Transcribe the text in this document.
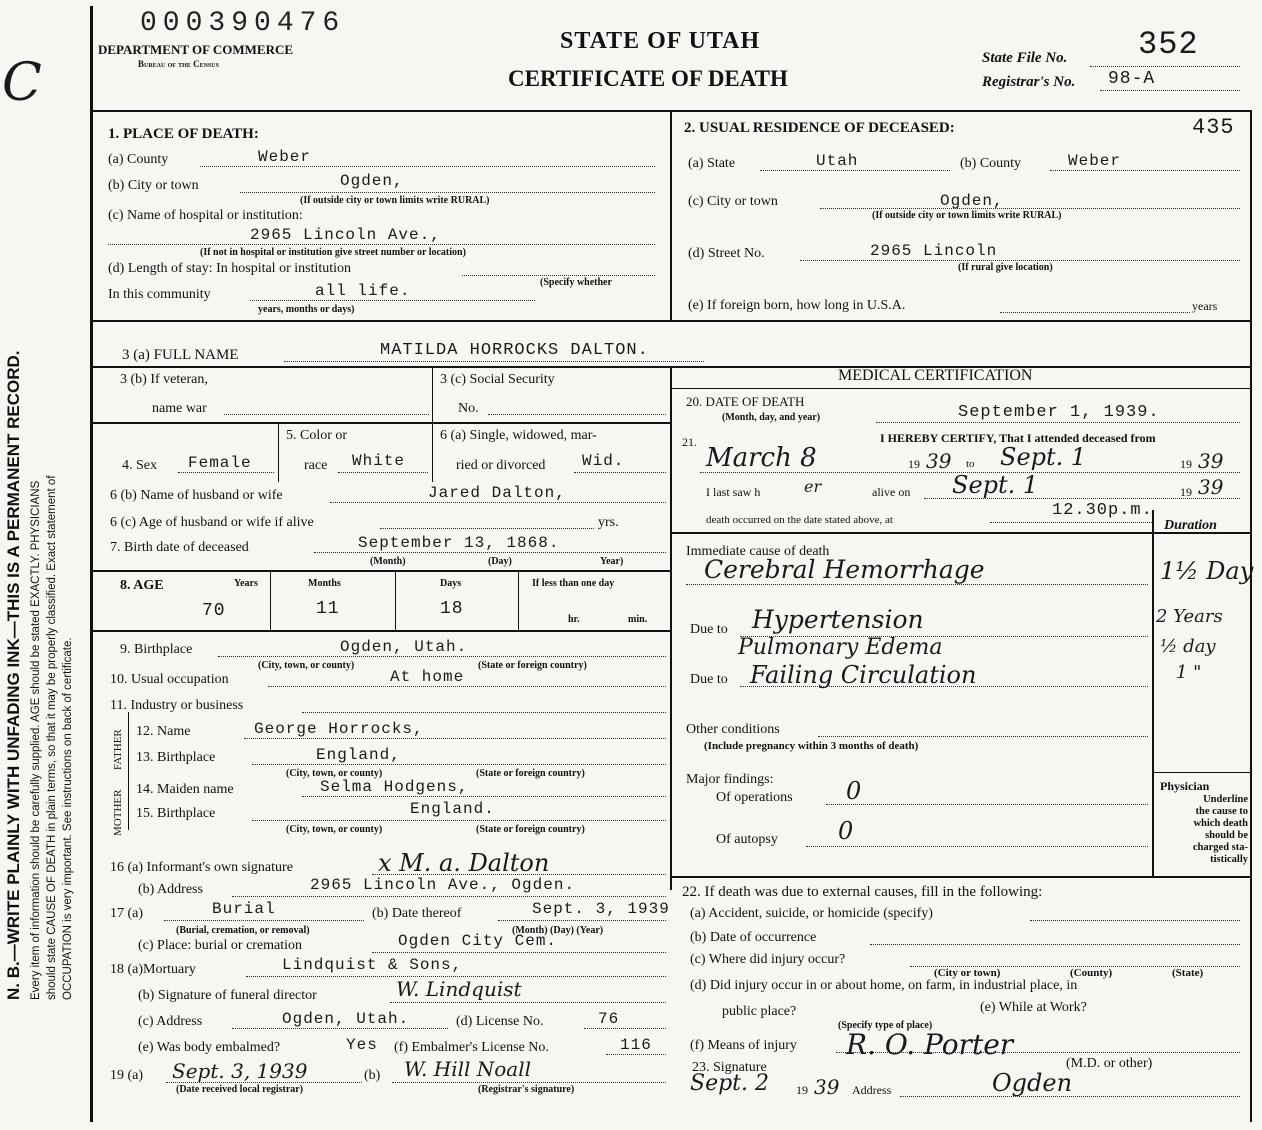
C
N. B.—WRITE PLAINLY WITH UNFADING INK—THIS IS A PERMANENT RECORD. Every item of information should be carefully supplied. AGE should be stated EXACTLY. PHYSICIANS should state CAUSE OF DEATH in plain terms, so that it may be properly classified. Exact statement of OCCUPATION is very important. See instructions on back of certificate.
000390476
DEPARTMENT OF COMMERCE
Bureau of the Census
STATE OF UTAH
CERTIFICATE OF DEATH
State File No. 352
Registrar's No. 98-A
1. PLACE OF DEATH:
(a) County	Weber
(b) City or town	Ogden,
(If outside city or town limits write RURAL)
(c) Name of hospital or institution:
2965 Lincoln Ave.,
(If not in hospital or institution give street number or location)
(d) Length of stay: In hospital or institution
In this community	all life.	(Specify whether
years, months or days)
2. USUAL RESIDENCE OF DECEASED:	435
(a) State	Utah	(b) County	Weber
(c) City or town	Ogden,
(If outside city or town limits write RURAL)
(d) Street No.	2965 Lincoln
(If rural give location)
(e) If foreign born, how long in U.S.A.	years
3 (a) FULL NAME	MATILDA HORROCKS DALTON.
3 (b) If veteran,
name war
3 (c) Social Security
No.
4. Sex Female
5. Color or
race White
6 (a) Single, widowed, mar-
ried or divorced Wid.
6 (b) Name of husband or wife	Jared Dalton,
6 (c) Age of husband or wife if alive	yrs.
7. Birth date of deceased	September 13, 1868.
(Month)	(Day)	Year)
8. AGE	Years	Months	Days	If less than one day
70	11	18
hr.	min.
9. Birthplace	Ogden, Utah.
(City, town, or county)	(State or foreign country)
10. Usual occupation	At home
11. Industry or business
FATHER
MOTHER
12. Name	George Horrocks,
13. Birthplace	England,
(City, town, or county)	(State or foreign country)
14. Maiden name	Selma Hodgens,
15. Birthplace	England.
(City, town, or county)	(State or foreign country)
16 (a) Informant's own signature	x M. a. Dalton
(b) Address	2965 Lincoln Ave., Ogden.
17 (a)	Burial
(Burial, cremation, or removal)
(b) Date thereof	Sept. 3, 1939
(Month) (Day) (Year)
(c) Place: burial or cremation	Ogden City Cem.
18 (a)Mortuary	Lindquist & Sons,
(b) Signature of funeral director	W. Lindquist
(c) Address	Ogden, Utah.	(d) License No.	76
(e) Was body embalmed?	Yes (f) Embalmer's License No.	116
19 (a) Sept. 3, 1939
(Date received local registrar)
(b) W. Hill Noall
(Registrar's signature)
MEDICAL CERTIFICATION
20. DATE OF DEATH
(Month, day, and year)	September 1, 1939.
21.	I HEREBY CERTIFY, That I attended deceased from
March 8	19 39 to Sept. 1	19 39
I last saw h	er	alive on Sept. 1	19 39
death occurred on the date stated above, at	12.30p.m.
Duration
Immediate cause of death
Cerebral Hemorrhage	1½ Day
Due to Hypertension	2 Years
Pulmonary Edema	½ day
Due to Failing Circulation	1 "
Other conditions
(Include pregnancy within 3 months of death)
Major findings:
Of operations 0
Of autopsy	0
Physician
Underline
the cause to
which death
should be
charged sta-
tistically
22. If death was due to external causes, fill in the following:
(a) Accident, suicide, or homicide (specify)
(b) Date of occurrence
(c) Where did injury occur?
(City or town)	(County)	(State)
(d) Did injury occur in or about home, on farm, in industrial place, in
public place?
(Specify type of place)
(e) While at Work?
(f) Means of injury
23. Signature
R. O. Porter
(M.D. or other)
Sept. 2 19 39 Address	Ogden
